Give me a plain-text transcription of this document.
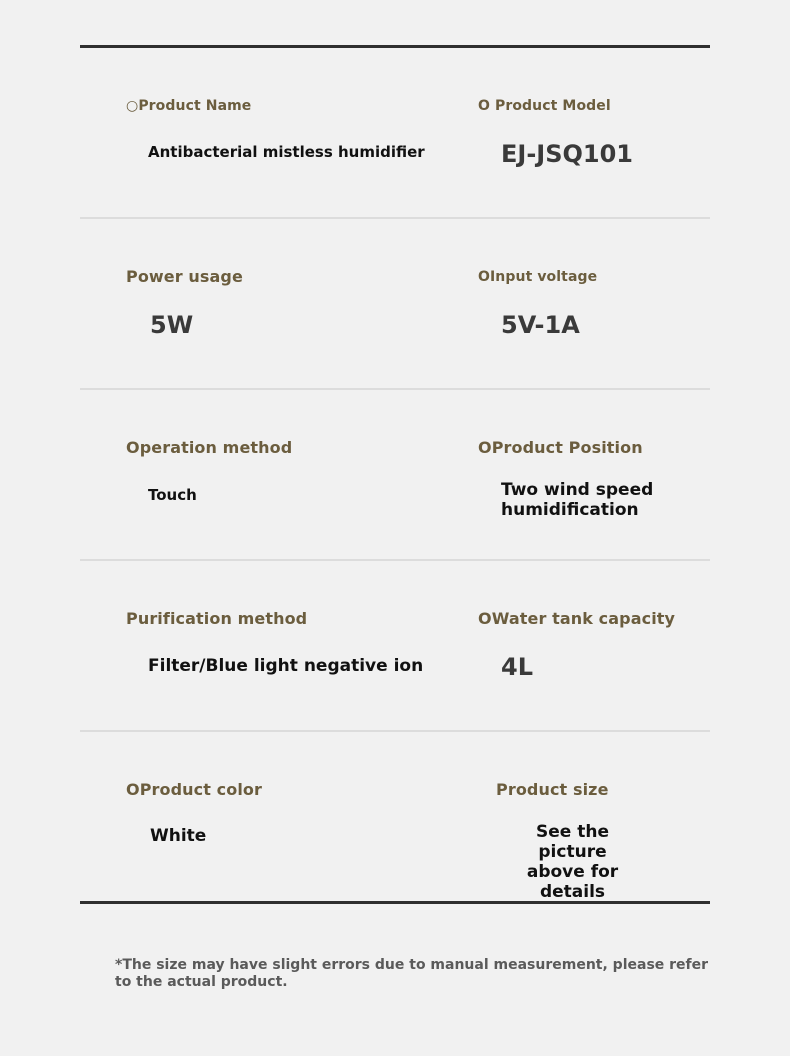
○Product Name
Antibacterial mistless humidifier
O Product Model
EJ-JSQ101
Power usage
5W
OInput voltage
5V-1A
Operation method
Touch
OProduct Position
Two wind speed
humidification
Purification method
Filter/Blue light negative ion
OWater tank capacity
4L
OProduct color
White
Product size
See the picture
above for details
*The size may have slight errors due to manual measurement, please refer to the actual product.
